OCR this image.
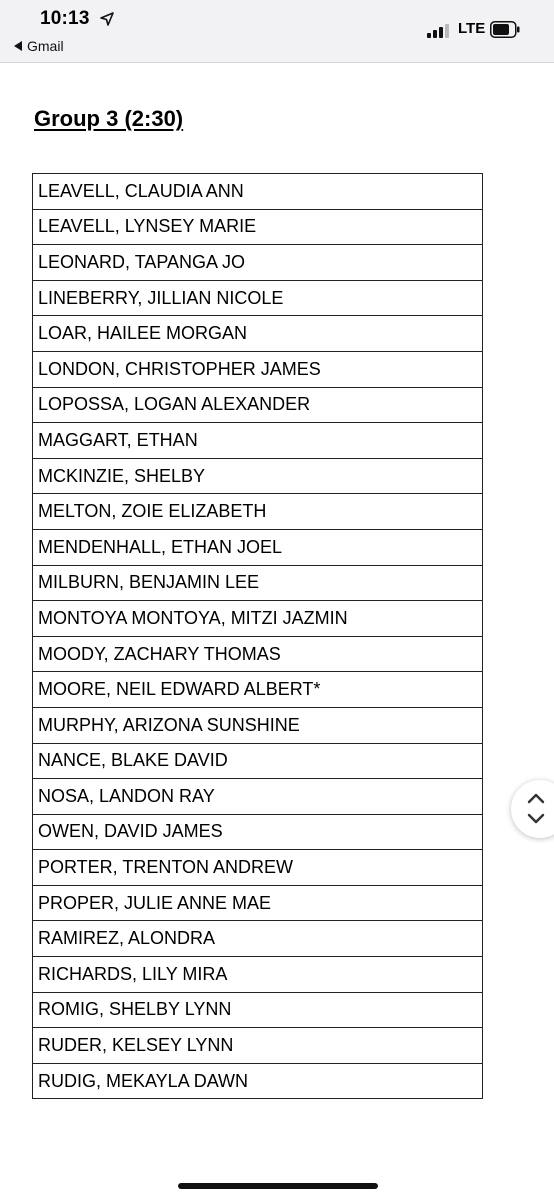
10:13
Gmail
LTE
Group 3 (2:30)
LEAVELL, CLAUDIA ANN
LEAVELL, LYNSEY MARIE
LEONARD, TAPANGA JO
LINEBERRY, JILLIAN NICOLE
LOAR, HAILEE MORGAN
LONDON, CHRISTOPHER JAMES
LOPOSSA, LOGAN ALEXANDER
MAGGART, ETHAN
MCKINZIE, SHELBY
MELTON, ZOIE ELIZABETH
MENDENHALL, ETHAN JOEL
MILBURN, BENJAMIN LEE
MONTOYA MONTOYA, MITZI JAZMIN
MOODY, ZACHARY THOMAS
MOORE, NEIL EDWARD ALBERT*
MURPHY, ARIZONA SUNSHINE
NANCE, BLAKE DAVID
NOSA, LANDON RAY
OWEN, DAVID JAMES
PORTER, TRENTON ANDREW
PROPER, JULIE ANNE MAE
RAMIREZ, ALONDRA
RICHARDS, LILY MIRA
ROMIG, SHELBY LYNN
RUDER, KELSEY LYNN
RUDIG, MEKAYLA DAWN
